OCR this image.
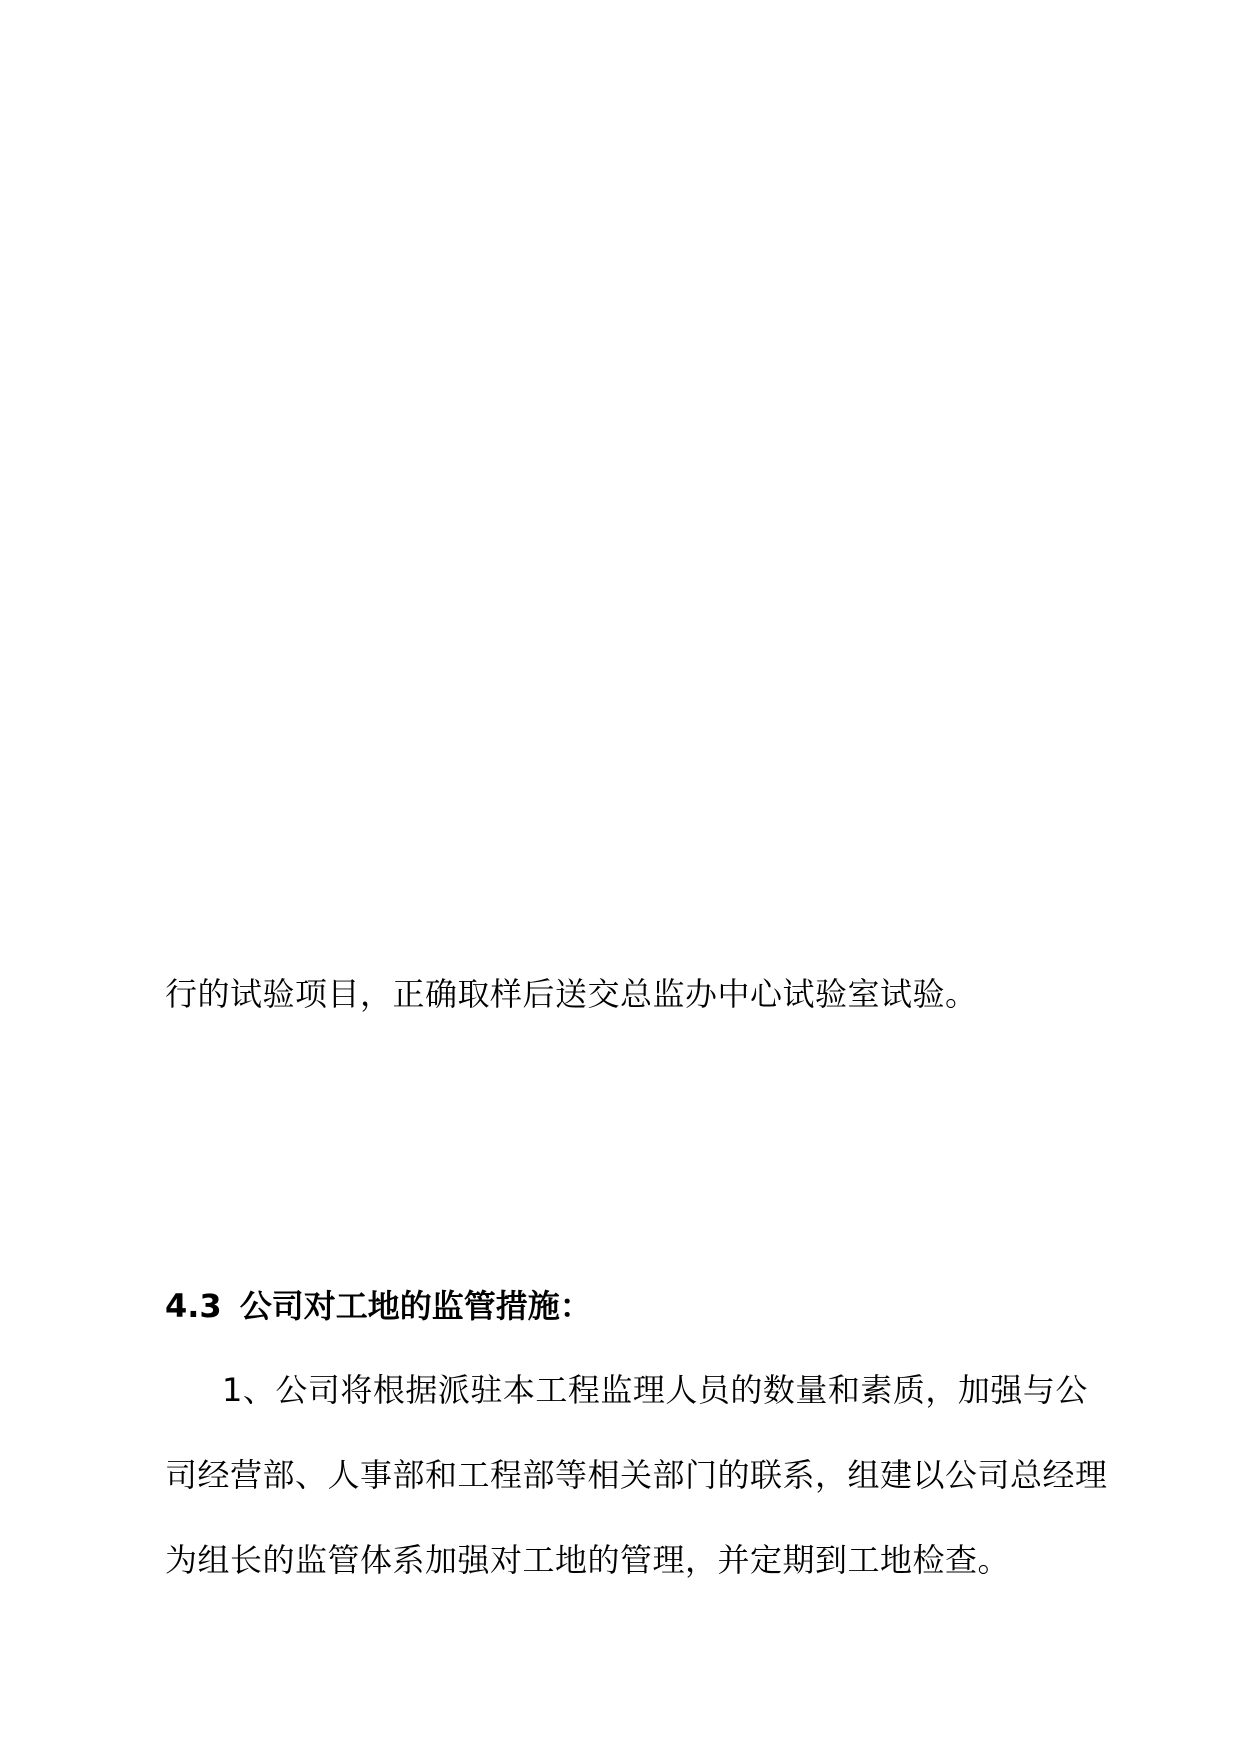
行的试验项目，正确取样后送交总监办中心试验室试验。
4.3 公司对工地的监管措施：
1、公司将根据派驻本工程监理人员的数量和素质，加强与公
司经营部、人事部和工程部等相关部门的联系，组建以公司总经理
为组长的监管体系加强对工地的管理，并定期到工地检查。
